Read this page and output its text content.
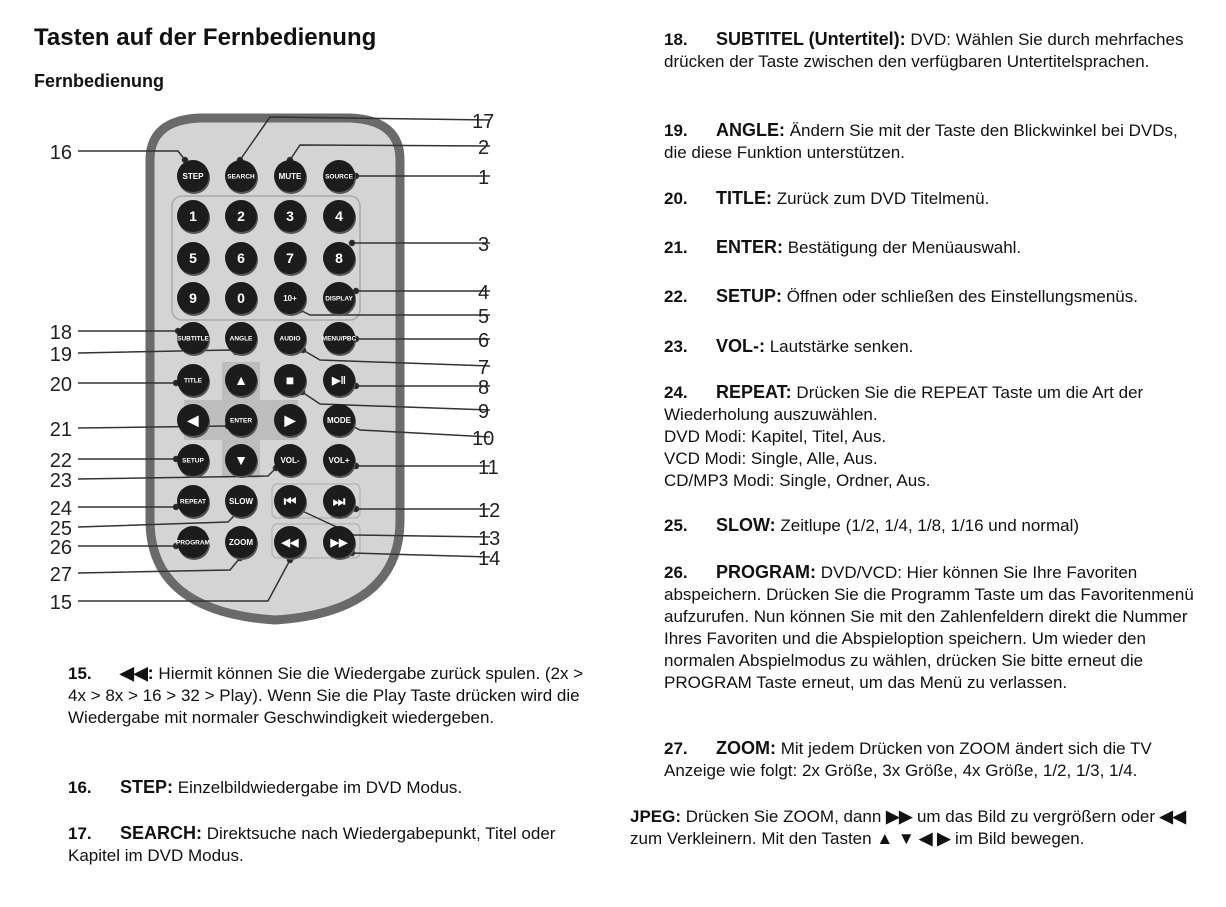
Tasten auf der Fernbedienung
Fernbedienung
STEP	SEARCH	MUTE	SOURCE
1	2	3	4
5	6	7	8
9	0	10+	DISPLAY
SUBTITLE	ANGLE	AUDIO	MENU/PBC
TITLE ▲	■	▶‖
◀	ENTER ▶	MODE
SETUP ▼	VOL-	VOL+
REPEAT	SLOW ⏮	⏭
PROGRAM ZOOM	◀◀	▶▶
16
18
19
20
21
22
23
24
25
26
27
15
17
2
1
3
4
5
6
7
8
9
10
11
12
13
14
15. ◀◀: Hiermit können Sie die Wiedergabe zurück spulen. (2x > 4x > 8x > 16 > 32 > Play). Wenn Sie die Play Taste drücken wird die Wiedergabe mit normaler Geschwindigkeit wiedergeben.
16. STEP: Einzelbildwiedergabe im DVD Modus.
17. SEARCH: Direktsuche nach Wiedergabepunkt, Titel oder Kapitel im DVD Modus.
18. SUBTITEL (Untertitel): DVD: Wählen Sie durch mehrfaches drücken der Taste zwischen den verfügbaren Untertitelsprachen.
19. ANGLE: Ändern Sie mit der Taste den Blickwinkel bei DVDs, die diese Funktion unterstützen.
20. TITLE: Zurück zum DVD Titelmenü.
21. ENTER: Bestätigung der Menüauswahl.
22. SETUP: Öffnen oder schließen des Einstellungsmenüs.
23. VOL-: Lautstärke senken.
24. REPEAT: Drücken Sie die REPEAT Taste um die Art der Wiederholung auszuwählen.
DVD Modi: Kapitel, Titel, Aus.
VCD Modi: Single, Alle, Aus.
CD/MP3 Modi: Single, Ordner, Aus.
25. SLOW: Zeitlupe (1/2, 1/4, 1/8, 1/16 und normal)
26. PROGRAM: DVD/VCD: Hier können Sie Ihre Favoriten abspeichern. Drücken Sie die Programm Taste um das Favoritenmenü aufzurufen. Nun können Sie mit den Zahlenfeldern direkt die Nummer Ihres Favoriten und die Abspieloption speichern. Um wieder den normalen Abspielmodus zu wählen, drücken Sie bitte erneut die PROGRAM Taste erneut, um das Menü zu verlassen.
27. ZOOM: Mit jedem Drücken von ZOOM ändert sich die TV Anzeige wie folgt: 2x Größe, 3x Größe, 4x Größe, 1/2, 1/3, 1/4.
JPEG: Drücken Sie ZOOM, dann ▶▶ um das Bild zu vergrößern oder ◀◀ zum Verkleinern. Mit den Tasten ▲ ▼ ◀ ▶ im Bild bewegen.
